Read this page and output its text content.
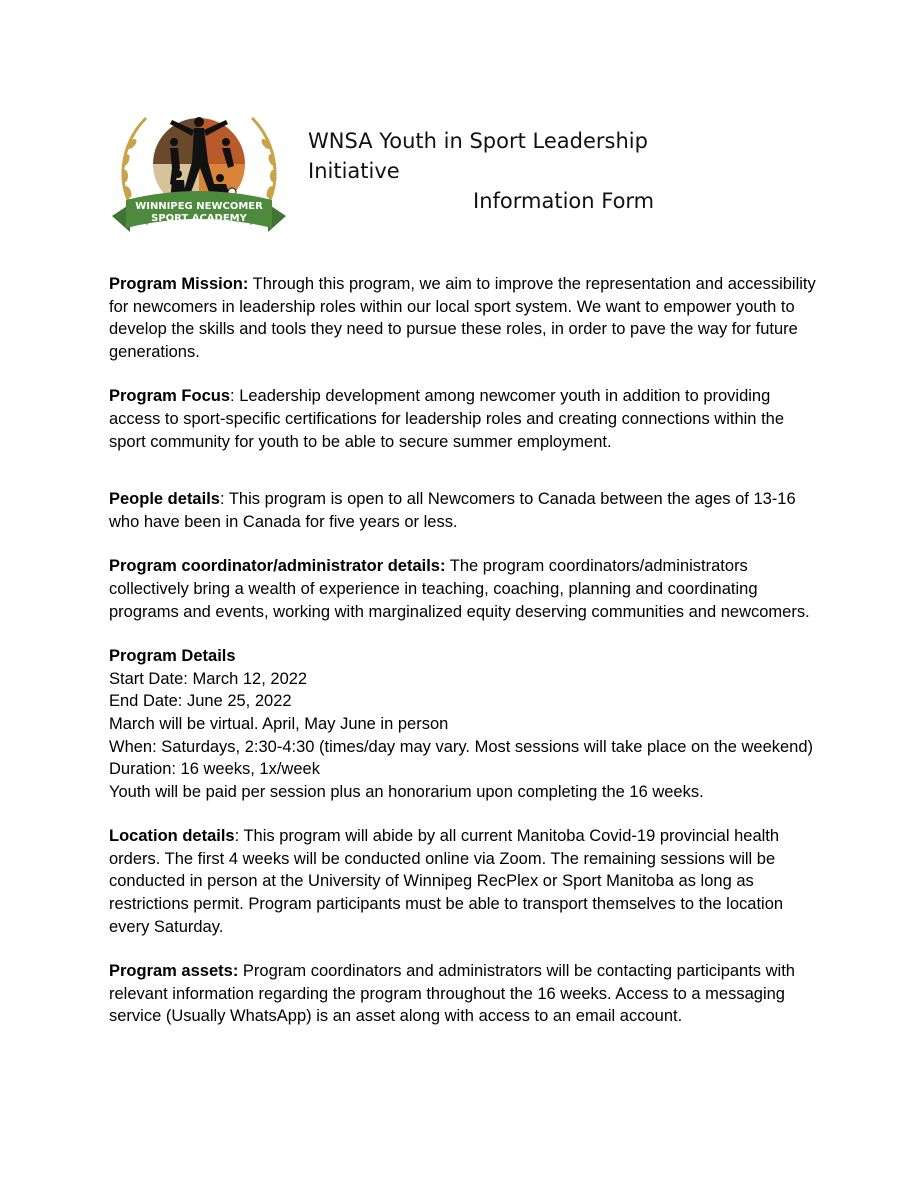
WINNIPEG NEWCOMER
SPORT ACADEMY
WNSA Youth in Sport Leadership Initiative
Information Form

Program Mission: Through this program, we aim to improve the representation and accessibility for newcomers in leadership roles within our local sport system. We want to empower youth to develop the skills and tools they need to pursue these roles, in order to pave the way for future generations.

Program Focus: Leadership development among newcomer youth in addition to providing access to sport-specific certifications for leadership roles and creating connections within the sport community for youth to be able to secure summer employment.

People details: This program is open to all Newcomers to Canada between the ages of 13-16 who have been in Canada for five years or less.

Program coordinator/administrator details: The program coordinators/administrators collectively bring a wealth of experience in teaching, coaching, planning and coordinating programs and events, working with marginalized equity deserving communities and newcomers.

Program Details
Start Date: March 12, 2022
End Date: June 25, 2022
March will be virtual. April, May June in person
When: Saturdays, 2:30-4:30 (times/day may vary. Most sessions will take place on the weekend)
Duration: 16 weeks, 1x/week
Youth will be paid per session plus an honorarium upon completing the 16 weeks.

Location details: This program will abide by all current Manitoba Covid-19 provincial health orders. The first 4 weeks will be conducted online via Zoom. The remaining sessions will be conducted in person at the University of Winnipeg RecPlex or Sport Manitoba as long as restrictions permit. Program participants must be able to transport themselves to the location every Saturday.

Program assets: Program coordinators and administrators will be contacting participants with relevant information regarding the program throughout the 16 weeks. Access to a messaging service (Usually WhatsApp) is an asset along with access to an email account.
